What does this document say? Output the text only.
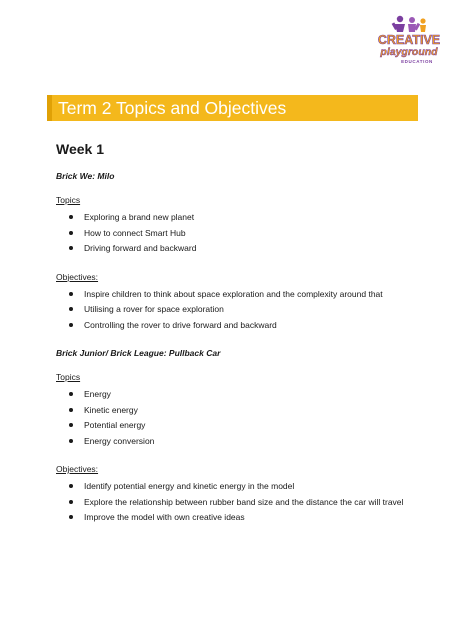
CREATIVE
playground
EDUCATION
Term 2 Topics and Objectives
Week 1
Brick We: Milo
Topics
Exploring a brand new planet
How to connect Smart Hub
Driving forward and backward
Objectives:
Inspire children to think about space exploration and the complexity around that
Utilising a rover for space exploration
Controlling the rover to drive forward and backward
Brick Junior/ Brick League: Pullback Car
Topics
Energy
Kinetic energy
Potential energy
Energy conversion
Objectives:
Identify potential energy and kinetic energy in the model
Explore the relationship between rubber band size and the distance the car will travel
Improve the model with own creative ideas
